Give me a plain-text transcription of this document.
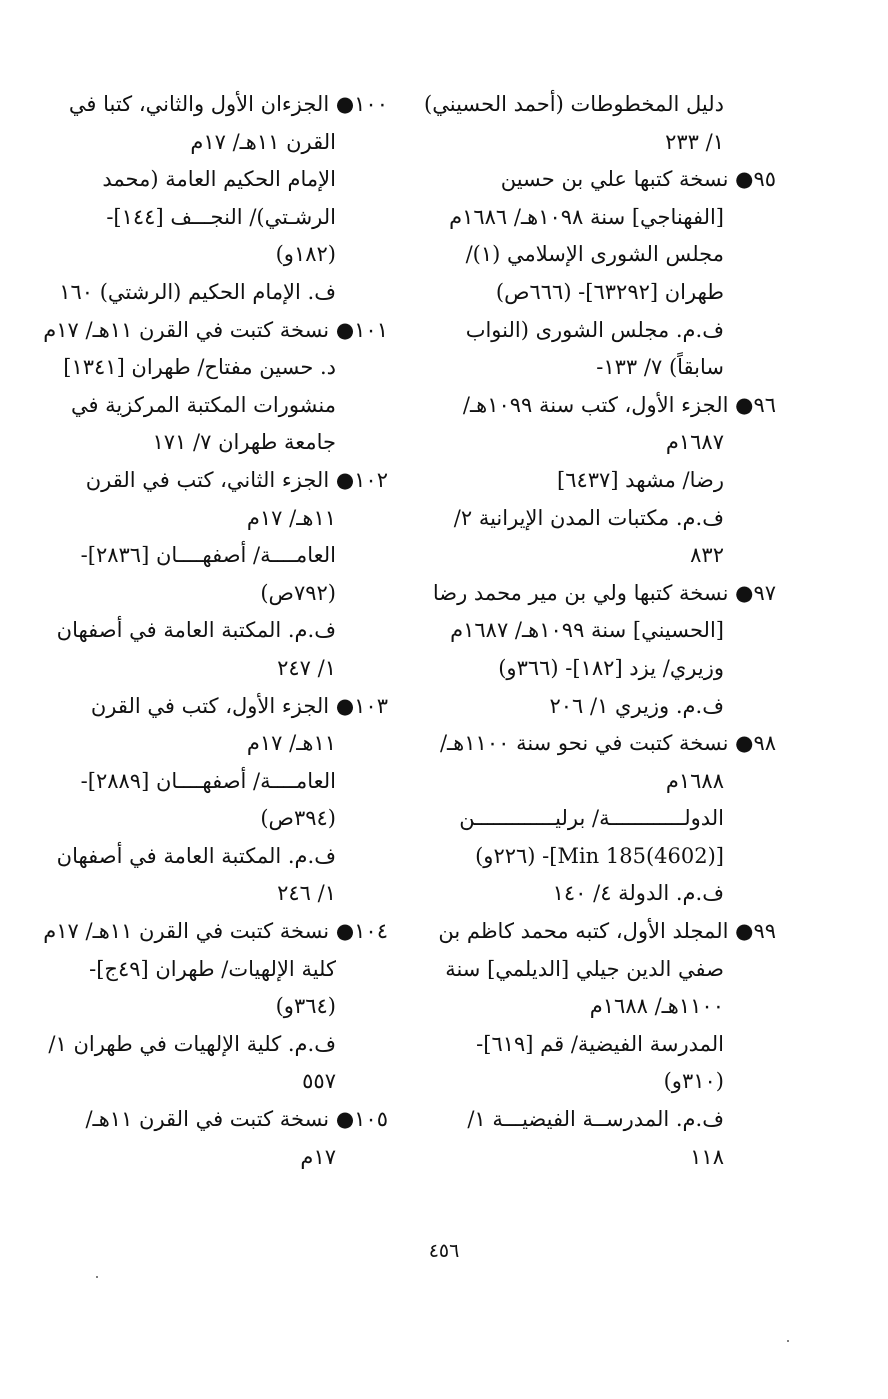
دليل المخطوطات (أحمد الحسيني)
١/ ٢٣٣
٩٥● نسخة كتبها علي بن حسين
[الفهناجي] سنة ١٠٩٨هـ/ ١٦٨٦م
مجلس الشورى الإسلامي (١)/
طهران [٦٣٢٩٢]- (٦٦٦ص)
ف.م. مجلس الشورى (النواب
سابقاً) ٧/ ١٣٣-
٩٦● الجزء الأول، كتب سنة ١٠٩٩هـ/
١٦٨٧م
رضا/ مشهد [٦٤٣٧]
ف.م. مكتبات المدن الإيرانية ٢/
٨٣٢
٩٧● نسخة كتبها ولي بن مير محمد رضا
[الحسيني] سنة ١٠٩٩هـ/ ١٦٨٧م
وزيري/ يزد [١٨٢]- (٣٦٦و)
ف.م. وزيري ١/ ٢٠٦
٩٨● نسخة كتبت في نحو سنة ١١٠٠هـ/
١٦٨٨م
الدولــــــــــــة/ برليـــــــــــــن
[Min 185(4602)]- (٢٢٦و)
ف.م. الدولة ٤/ ١٤٠
٩٩● المجلد الأول، كتبه محمد كاظم بن
صفي الدين جيلي [الديلمي] سنة
١١٠٠هـ/ ١٦٨٨م
المدرسة الفيضية/ قم [٦١٩]-
(٣١٠و)
ف.م. المدرســة الفيضيـــة ١/
١١٨
١٠٠● الجزءان الأول والثاني، كتبا في
القرن ١١هـ/ ١٧م
الإمام الحكيم العامة (محمد
الرشـتي)/ النجـــف [١٤٤]-
(١٨٢و)
ف. الإمام الحكيم (الرشتي) ١٦٠
١٠١● نسخة كتبت في القرن ١١هـ/ ١٧م
د. حسين مفتاح/ طهران [١٣٤١]
منشورات المكتبة المركزية في
جامعة طهران ٧/ ١٧١
١٠٢● الجزء الثاني، كتب في القرن
١١هـ/ ١٧م
العامــــة/ أصفهــــان [٢٨٣٦]-
(٧٩٢ص)
ف.م. المكتبة العامة في أصفهان
١/ ٢٤٧
١٠٣● الجزء الأول، كتب في القرن
١١هـ/ ١٧م
العامــــة/ أصفهــــان [٢٨٨٩]-
(٣٩٤ص)
ف.م. المكتبة العامة في أصفهان
١/ ٢٤٦
١٠٤● نسخة كتبت في القرن ١١هـ/ ١٧م
كلية الإلهيات/ طهران [٤٩ج]-
(٣٦٤و)
ف.م. كلية الإلهيات في طهران ١/
٥٥٧
١٠٥● نسخة كتبت في القرن ١١هـ/
١٧م
٤٥٦
